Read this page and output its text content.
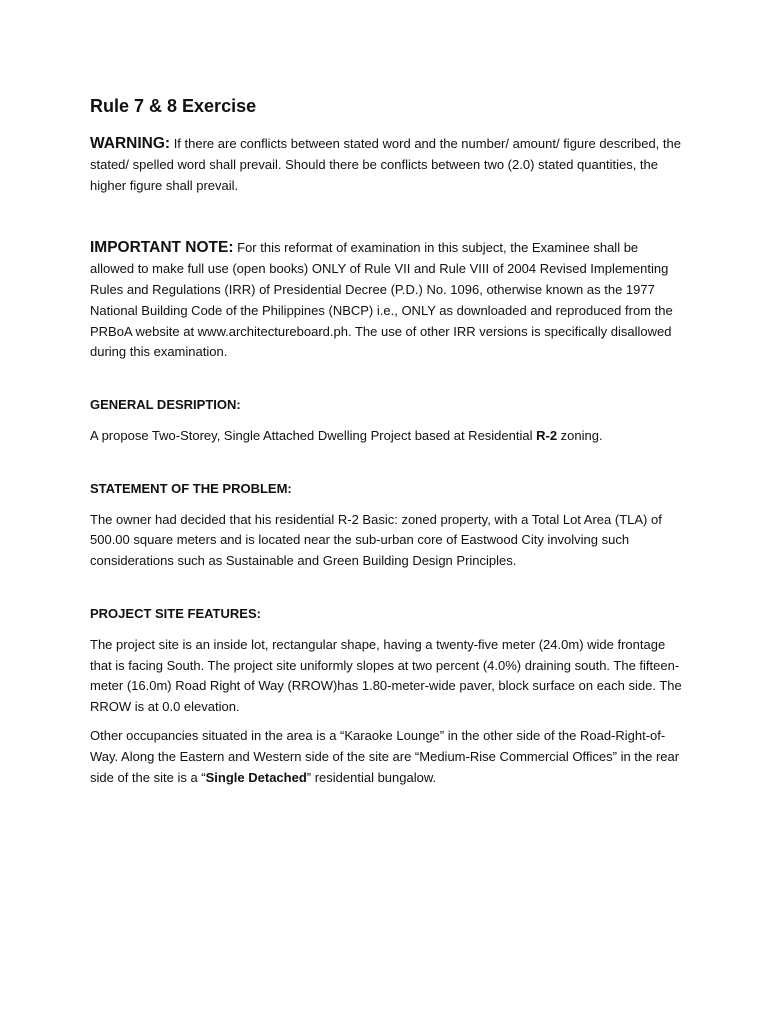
Rule 7 & 8 Exercise

WARNING: If there are conflicts between stated word and the number/ amount/ figure described, the stated/ spelled word shall prevail. Should there be conflicts between two (2.0) stated quantities, the higher figure shall prevail.

IMPORTANT NOTE: For this reformat of examination in this subject, the Examinee shall be allowed to make full use (open books) ONLY of Rule VII and Rule VIII of 2004 Revised Implementing Rules and Regulations (IRR) of Presidential Decree (P.D.) No. 1096, otherwise known as the 1977 National Building Code of the Philippines (NBCP) i.e., ONLY as downloaded and reproduced from the PRBoA website at www.architectureboard.ph. The use of other IRR versions is specifically disallowed during this examination.

GENERAL DESRIPTION:

A propose Two-Storey, Single Attached Dwelling Project based at Residential R-2 zoning.

STATEMENT OF THE PROBLEM:

The owner had decided that his residential R-2 Basic: zoned property, with a Total Lot Area (TLA) of 500.00 square meters and is located near the sub-urban core of Eastwood City involving such considerations such as Sustainable and Green Building Design Principles.

PROJECT SITE FEATURES:

The project site is an inside lot, rectangular shape, having a twenty-five meter (24.0m) wide frontage that is facing South. The project site uniformly slopes at two percent (4.0%) draining south. The fifteen-meter (16.0m) Road Right of Way (RROW)has 1.80-meter-wide paver, block surface on each side. The RROW is at 0.0 elevation.

Other occupancies situated in the area is a “Karaoke Lounge” in the other side of the Road-Right-of-Way. Along the Eastern and Western side of the site are “Medium-Rise Commercial Offices” in the rear side of the site is a “Single Detached” residential bungalow.
